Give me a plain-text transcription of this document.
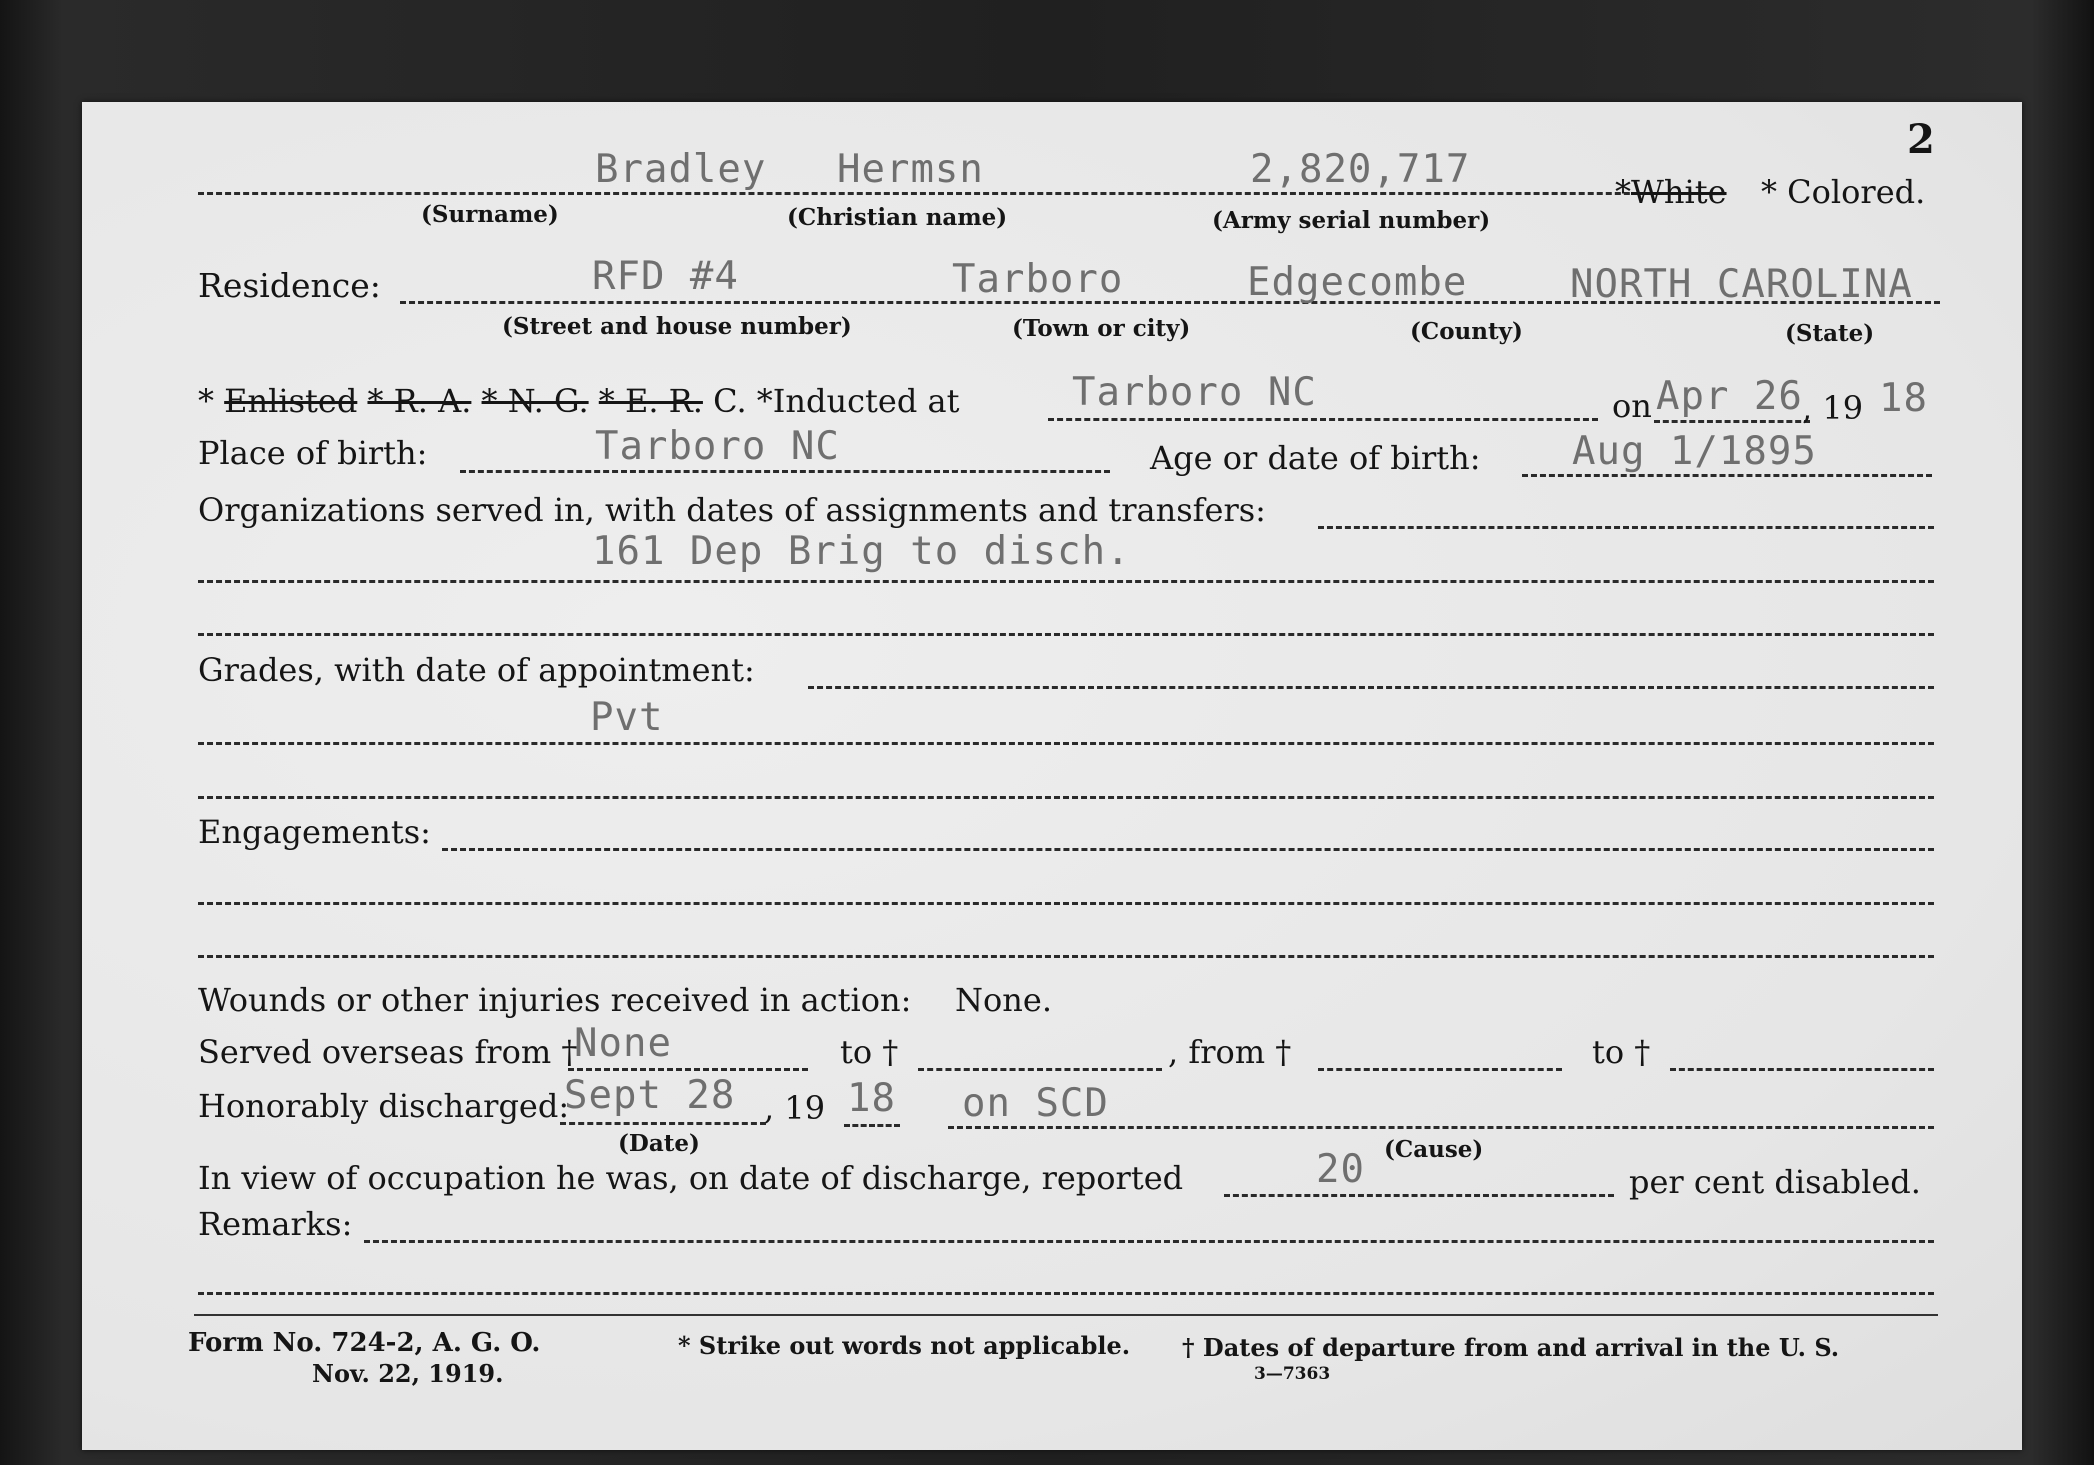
2
Bradley Hermsn	2,820,717	*White * Colored.
(Surname)	(Christian name)	(Army serial number)
Residence:	RFD #4	Tarboro	Edgecombe	NORTH CAROLINA
(Street and house number)	(Town or city)	(County)	(State)
* Enlisted * R. A. * N. G. * E. R. C. *Inducted at	Tarboro NC	on Apr 26 , 19 18
Place of birth:	Tarboro NC	Age or date of birth: Aug 1/1895
Organizations served in, with dates of assignments and transfers:
161 Dep Brig to disch.
Grades, with date of appointment:
Pvt
Engagements:
Wounds or other injuries received in action: None.
Served overseas from †
None	to †	, from †	to †
Honorably discharged:
Sept 28 , 19 18 on SCD
(Date)	(Cause)
In view of occupation he was, on date of discharge, reported	20	per cent disabled.
Remarks:
Form No. 724-2, A. G. O.
Nov. 22, 1919.
* Strike out words not applicable. † Dates of departure from and arrival in the U. S.
3—7363
